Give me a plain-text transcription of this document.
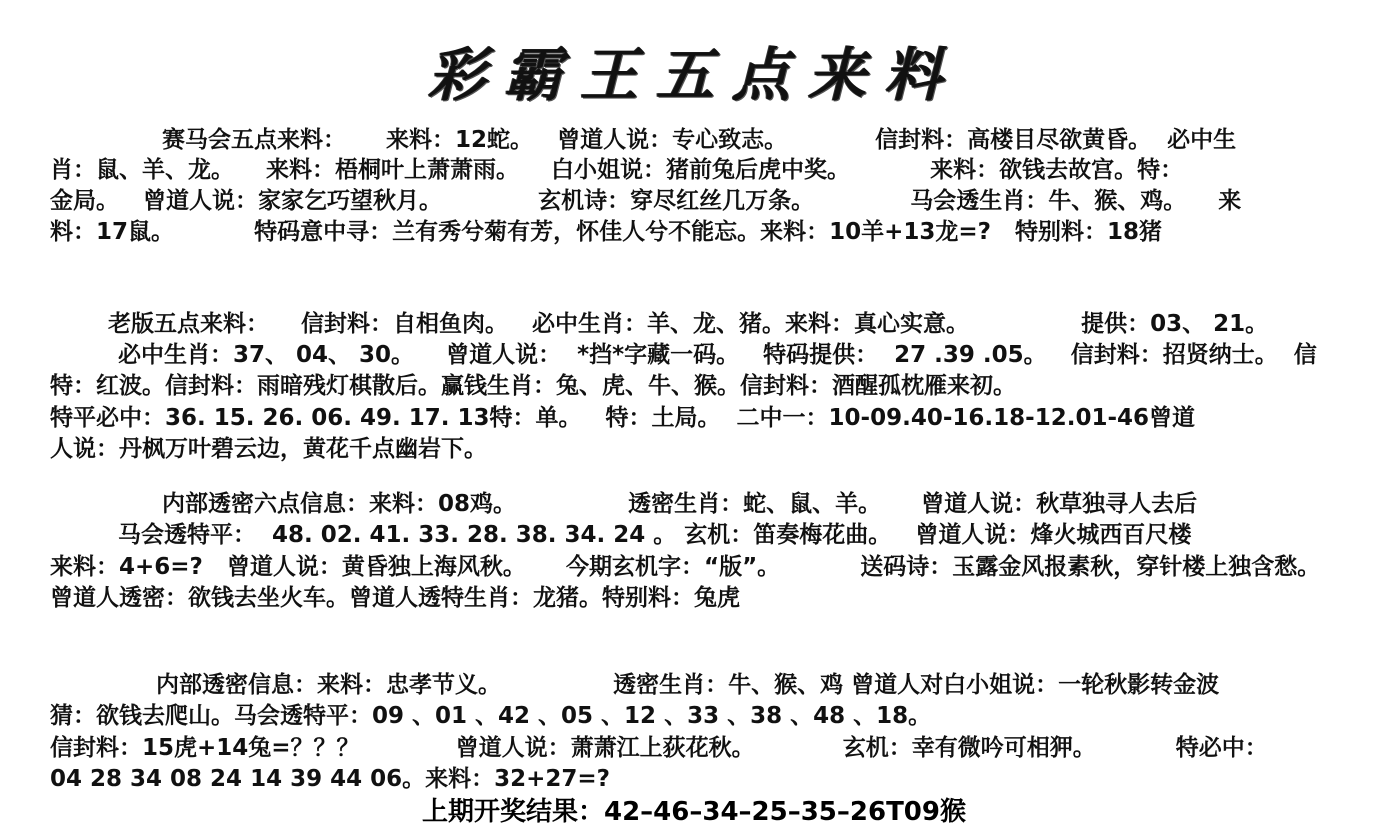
彩霸王五点来料
赛马会五点来料：     来料：12蛇。   曾道人说：专心致志。           信封料：高楼目尽欲黄昏。  必中生
肖：鼠、羊、龙。    来料：梧桐叶上萧萧雨。    白小姐说：猪前兔后虎中奖。          来料：欲钱去故宫。特：
金局。   曾道人说：家家乞巧望秋月。            玄机诗：穿尽红丝几万条。            马会透生肖：牛、猴、鸡。    来
料：17鼠。          特码意中寻：兰有秀兮菊有芳，怀佳人兮不能忘。来料：10羊+13龙=?   特别料：18猪
老版五点来料：    信封料：自相鱼肉。   必中生肖：羊、龙、猪。来料：真心实意。              提供：03、 21。
必中生肖：37、 04、 30。    曾道人说：  *挡*字藏一码。   特码提供：  27 .39 .05。   信封料：招贤纳士。  信
特：红波。信封料：雨暗残灯棋散后。赢钱生肖：兔、虎、牛、猴。信封料：酒醒孤枕雁来初。
特平必中：36. 15. 26. 06. 49. 17. 13特：单。   特：土局。  二中一：10-09.40-16.18-12.01-46曾道
人说：丹枫万叶碧云边，黄花千点幽岩下。
内部透密六点信息：来料：08鸡。              透密生肖：蛇、鼠、羊。     曾道人说：秋草独寻人去后
马会透特平：  48. 02. 41. 33. 28. 38. 34. 24 。 玄机：笛奏梅花曲。   曾道人说：烽火城西百尺楼
来料：4+6=?   曾道人说：黄昏独上海风秋。     今期玄机字：“版”。          送码诗：玉露金风报素秋，穿针楼上独含愁。
曾道人透密：欲钱去坐火车。曾道人透特生肖：龙猪。特别料：兔虎
内部透密信息：来料：忠孝节义。              透密生肖：牛、猴、鸡 曾道人对白小姐说：一轮秋影转金波
猜：欲钱去爬山。马会透特平：09 、01 、42 、05 、12 、33 、38 、48 、18。
信封料：15虎+14兔=？？？            曾道人说：萧萧江上荻花秋。           玄机：幸有微吟可相狎。          特必中：
04 28 34 08 24 14 39 44 06。来料：32+27=?
上期开奖结果：42–46–34–25–35–26T09猴
